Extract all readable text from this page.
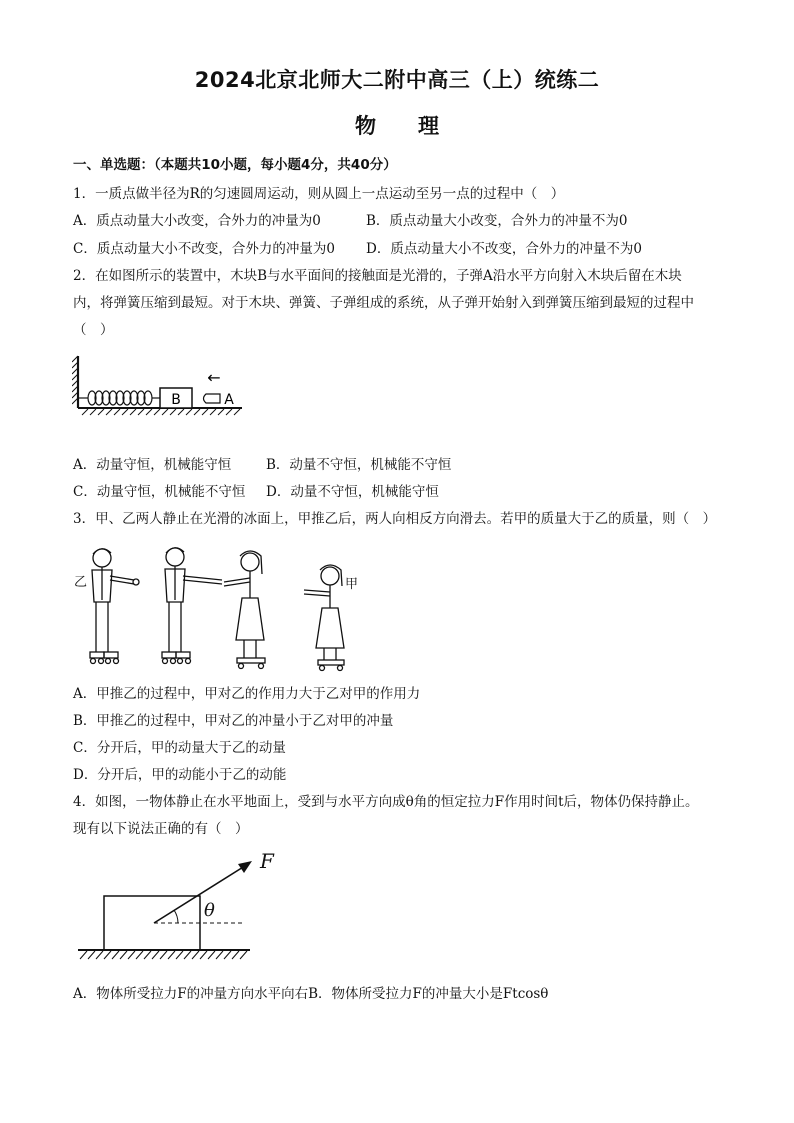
2024北京北师大二附中高三（上）统练二
物　　理
一、单选题：（本题共10小题，每小题4分，共40分）
1．一质点做半径为R的匀速圆周运动，则从圆上一点运动至另一点的过程中（　）
A．质点动量大小改变，合外力的冲量为0	B．质点动量大小改变，合外力的冲量不为0
C．质点动量大小不改变，合外力的冲量为0 D．质点动量大小不改变，合外力的冲量不为0
2．在如图所示的装置中，木块B与水平面间的接触面是光滑的，子弹A沿水平方向射入木块后留在木块
内，将弹簧压缩到最短。对于木块、弹簧、子弹组成的系统，从子弹开始射入到弹簧压缩到最短的过程中
（　）
B	A
←
A．动量守恒，机械能守恒	B．动量不守恒，机械能不守恒
C．动量守恒，机械能不守恒 D．动量不守恒，机械能守恒
3．甲、乙两人静止在光滑的冰面上，甲推乙后，两人向相反方向滑去。若甲的质量大于乙的质量，则（　）
乙	甲
A．甲推乙的过程中，甲对乙的作用力大于乙对甲的作用力
B．甲推乙的过程中，甲对乙的冲量小于乙对甲的冲量
C．分开后，甲的动量大于乙的动量
D．分开后，甲的动能小于乙的动能
4．如图，一物体静止在水平地面上，受到与水平方向成θ角的恒定拉力F作用时间t后，物体仍保持静止。
现有以下说法正确的有（　）
θ
F
A．物体所受拉力F的冲量方向水平向右B．物体所受拉力F的冲量大小是Ftcosθ
